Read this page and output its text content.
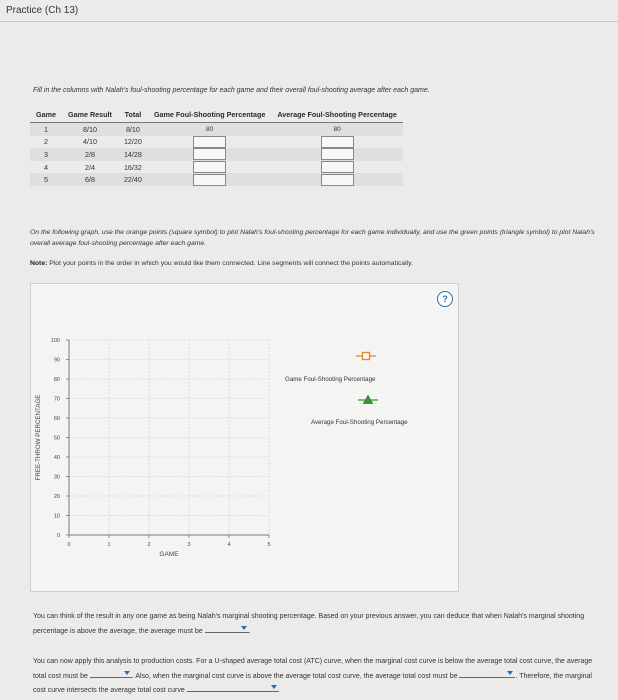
Practice (Ch 13)
Fill in the columns with Nalah's foul-shooting percentage for each game and their overall foul-shooting average after each game.
Game	Game Result	Total	Game Foul-Shooting Percentage	Average Foul-Shooting Percentage
1	8/10	8/10	80	80
2	4/10	12/20		
3	2/8	14/28		
4	2/4	16/32		
5	6/8	22/40		
On the following graph, use the orange points (square symbol) to plot Nalah's foul-shooting percentage for each game individually, and use the green points (triangle symbol) to plot Nalah's overall average foul-shooting percentage after each game.
Note: Plot your points in the order in which you would like them connected. Line segments will connect the points automatically.
0
10
20
30
40
50
60
70
80
90
100
0	1	2	3	4	5
GAME
FREE-THROW PERCENTAGE
Game Foul-Shooting Percentage
Average Foul-Shooting Percentage
?
You can think of the result in any one game as being Nalah's marginal shooting percentage. Based on your previous answer, you can deduce that when Nalah's marginal shooting percentage is above the average, the average must be	.
You can now apply this analysis to production costs. For a U-shaped average total cost (ATC) curve, when the marginal cost curve is below the average total cost curve, the average total cost must be	. Also, when the marginal cost curve is above the average total cost curve, the average total cost must be	. Therefore, the marginal cost curve intersects the average total cost curve
